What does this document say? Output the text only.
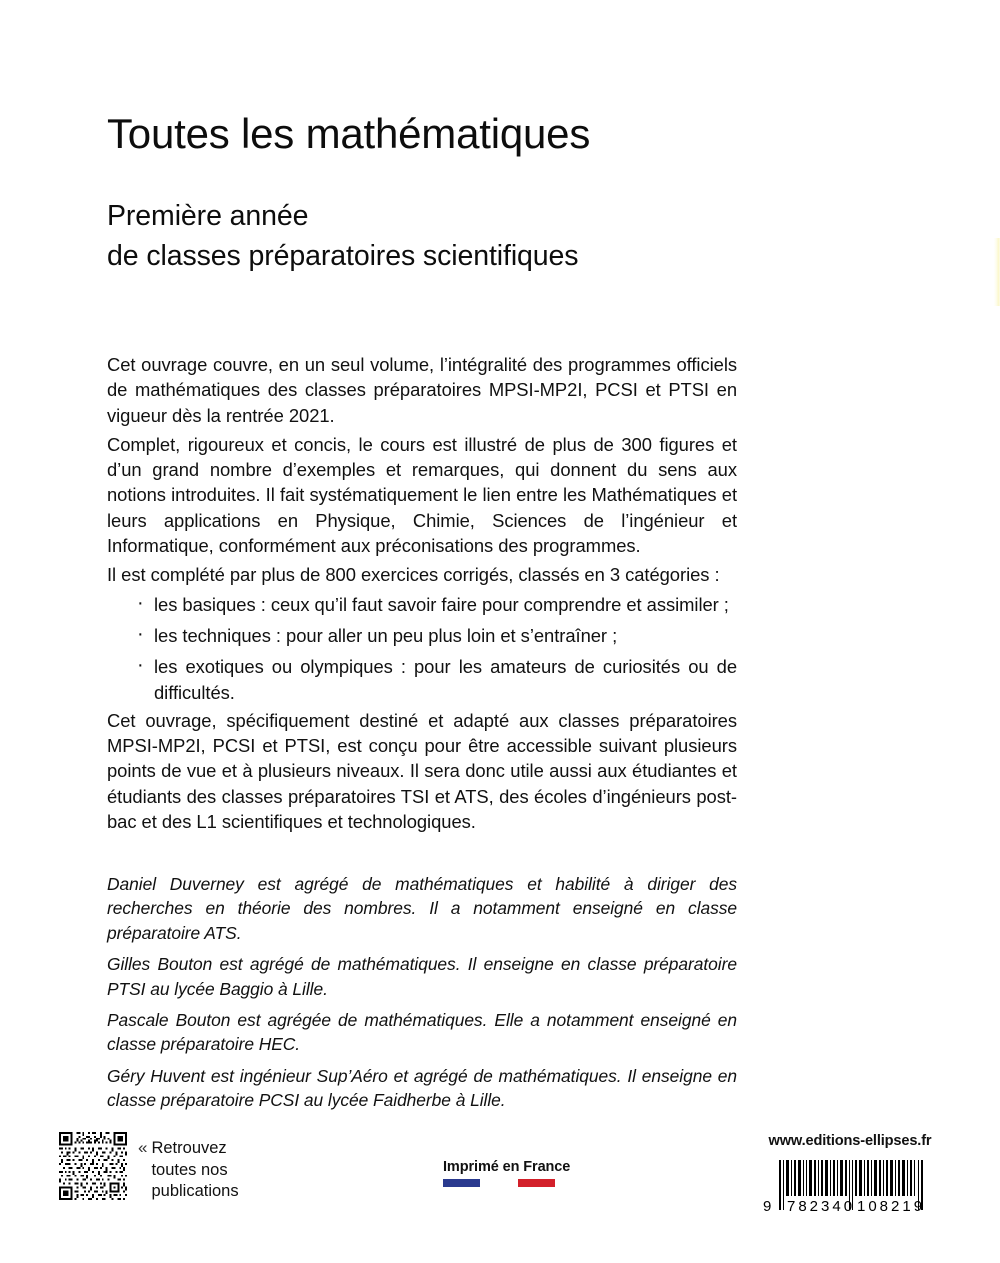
Toutes les mathématiques

Première année

de classes préparatoires scientifiques

Cet ouvrage couvre, en un seul volume, l’intégralité des programmes officiels de mathématiques des classes préparatoires MPSI-MP2I, PCSI et PTSI en vigueur dès la rentrée 2021.

Complet, rigoureux et concis, le cours est illustré de plus de 300 figures et d’un grand nombre d’exemples et remarques, qui donnent du sens aux notions introduites. Il fait systématiquement le lien entre les Mathématiques et leurs applications en Physique, Chimie, Sciences de l’ingénieur et Informatique, conformément aux préconisations des programmes.

Il est complété par plus de 800 exercices corrigés, classés en 3 catégories :

· les basiques : ceux qu’il faut savoir faire pour comprendre et assimiler ;
· les techniques : pour aller un peu plus loin et s’entraîner ;
· les exotiques ou olympiques : pour les amateurs de curiosités ou de difficultés.

Cet ouvrage, spécifiquement destiné et adapté aux classes préparatoires MPSI-MP2I, PCSI et PTSI, est conçu pour être accessible suivant plusieurs points de vue et à plusieurs niveaux. Il sera donc utile aussi aux étudiantes et étudiants des classes préparatoires TSI et ATS, des écoles d’ingénieurs post-bac et des L1 scientifiques et technologiques.

Daniel Duverney est agrégé de mathématiques et habilité à diriger des recherches en théorie des nombres. Il a notamment enseigné en classe préparatoire ATS.

Gilles Bouton est agrégé de mathématiques. Il enseigne en classe préparatoire PTSI au lycée Baggio à Lille.

Pascale Bouton est agrégée de mathématiques. Elle a notamment enseigné en classe préparatoire HEC.

Géry Huvent est ingénieur Sup’Aéro et agrégé de mathématiques. Il enseigne en classe préparatoire PCSI au lycée Faidherbe à Lille.

« Retrouvez
toutes nos
publications
Imprimé en France
www.editions-ellipses.fr
9 782340 108219
